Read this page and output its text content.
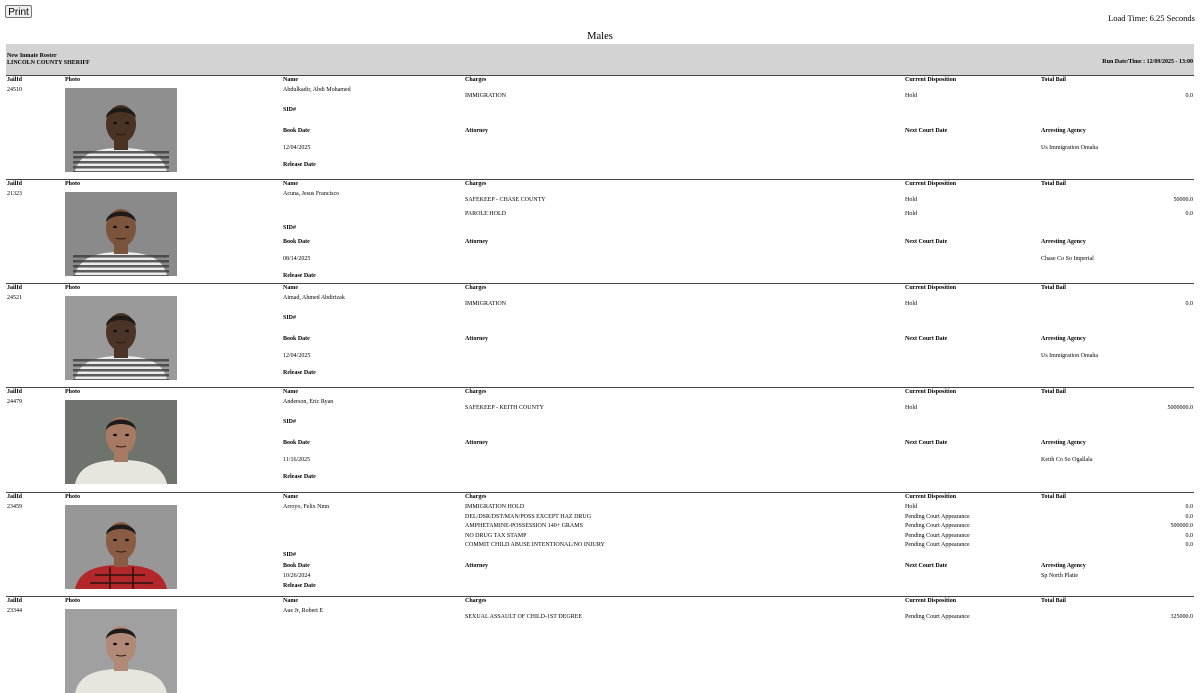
Print	Load Time: 6.25 Seconds
Males
New Inmate Roster
LINCOLN COUNTY SHERIFF	Run Date/Time : 12/09/2025 - 13:00
JailId	Photo	Name	Charges	Current Disposition	Total Bail
24510	Abdulkadir, Abdi Mohamed
IMMIGRATION	Hold	0.0
SID#
Book Date	Attorney	Next Court Date	Arresting Agency
12/04/2025	Us Immigration Omaha
Release Date
JailId	Photo	Name	Charges	Current Disposition	Total Bail
21323	Acuna, Jesus Francisco
SAFEKEEP - CHASE COUNTY	Hold	50000.0
PAROLE HOLD	Hold	0.0
SID#
Book Date	Attorney	Next Court Date	Arresting Agency
08/14/2025	Chase Co So Imperial
Release Date
JailId	Photo	Name	Charges	Current Disposition	Total Bail
24521	Aimad, Ahmed Abdirizak
IMMIGRATION	Hold	0.0
SID#
Book Date	Attorney	Next Court Date	Arresting Agency
12/04/2025	Us Immigration Omaha
Release Date
JailId	Photo	Name	Charges	Current Disposition	Total Bail
24479	Anderson, Eric Ryan
SAFEKEEP - KEITH COUNTY	Hold	5000000.0
SID#
Book Date	Attorney	Next Court Date	Arresting Agency
11/16/2025	Keith Co So Ogallala
Release Date
JailId	Photo	Name	Charges	Current Disposition	Total Bail
23459	Arroyo, Felix Nmn	IMMIGRATION HOLD	Hold	0.0
DEL/DSR/DST/MAN/POSS EXCEPT HAZ DRUG	Pending Court Appearance	0.0
AMPHETAMINE-POSSESSION 140+ GRAMS	Pending Court Appearance	500000.0
NO DRUG TAX STAMP	Pending Court Appearance	0.0
COMMIT CHILD ABUSE INTENTIONAL/NO INJURY	Pending Court Appearance	0.0
SID#
Book Date	Attorney	Next Court Date	Arresting Agency
10/26/2024	Sp North Platte
Release Date
JailId	Photo	Name	Charges	Current Disposition	Total Bail
23344	Aue Jr, Robert E
SEXUAL ASSAULT OF CHILD-1ST DEGREE	Pending Court Appearance	325000.0
